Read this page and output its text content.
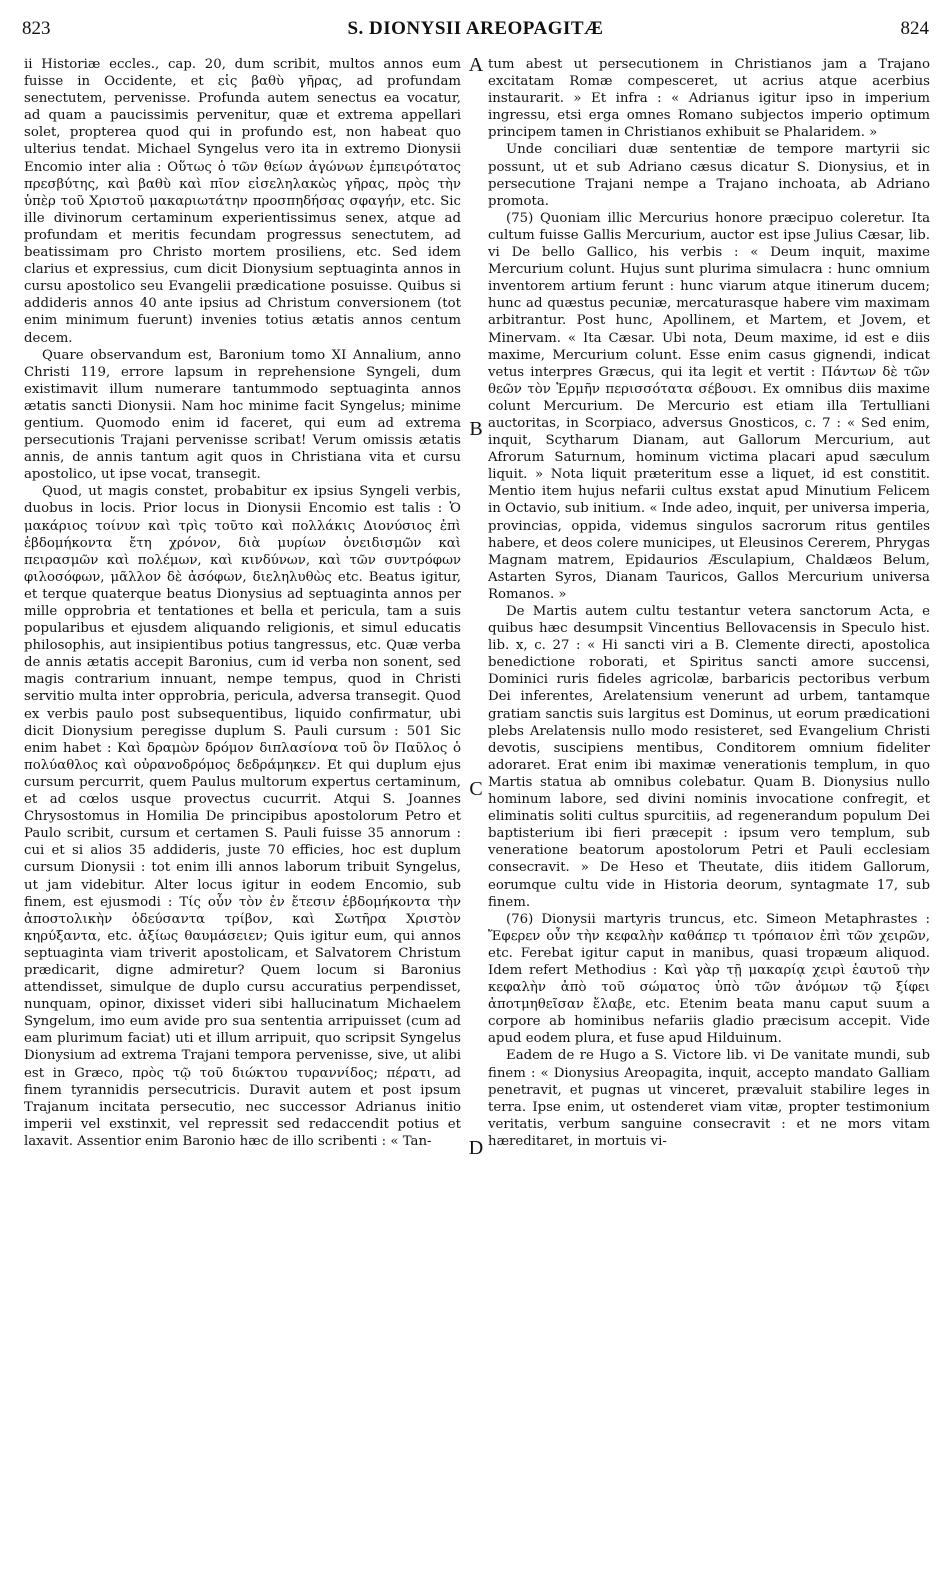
823	S. DIONYSII AREOPAGITÆ	824
A
B
C
D

ii Historiæ eccles., cap. 20, dum scribit, multos annos eum fuisse in Occidente, et εἰς βαθὺ γῆρας, ad profundam senectutem, pervenisse. Profunda autem senectus ea vocatur, ad quam a paucissimis pervenitur, quæ et extrema appellari solet, propterea quod qui in profundo est, non habeat quo ulterius tendat. Michael Syngelus vero ita in extremo Dionysii Encomio inter alia : Οὕτως ὁ τῶν θείων ἀγώνων ἐμπειρότατος πρεσβύτης, καὶ βαθὺ καὶ πῖον εἰσεληλακὼς γῆρας, πρὸς τὴν ὑπὲρ τοῦ Χριστοῦ μακαριωτάτην προσπηδήσας σφαγήν, etc. Sic ille divinorum certaminum experientissimus senex, atque ad profundam et meritis fecundam progressus senectutem, ad beatissimam pro Christo mortem prosiliens, etc. Sed idem clarius et expressius, cum dicit Dionysium septuaginta annos in cursu apostolico seu Evangelii prædicatione posuisse. Quibus si addideris annos 40 ante ipsius ad Christum conversionem (tot enim minimum fuerunt) invenies totius ætatis annos centum decem.

Quare observandum est, Baronium tomo XI Annalium, anno Christi 119, errore lapsum in reprehensione Syngeli, dum existimavit illum numerare tantummodo septuaginta annos ætatis sancti Dionysii. Nam hoc minime facit Syngelus; minime gentium. Quomodo enim id faceret, qui eum ad extrema persecutionis Trajani pervenisse scribat! Verum omissis ætatis annis, de annis tantum agit quos in Christiana vita et cursu apostolico, ut ipse vocat, transegit.

Quod, ut magis constet, probabitur ex ipsius Syngeli verbis, duobus in locis. Prior locus in Dionysii Encomio est talis : Ὁ μακάριος τοίνυν καὶ τρὶς τοῦτο καὶ πολλάκις Διονύσιος ἐπὶ ἑβδομήκοντα ἔτη χρόνον, διὰ μυρίων ὀνειδισμῶν καὶ πειρασμῶν καὶ πολέμων, καὶ κινδύνων, καὶ τῶν συντρόφων φιλοσόφων, μᾶλλον δὲ ἀσόφων, διεληλυθὼς etc. Beatus igitur, et terque quaterque beatus Dionysius ad septuaginta annos per mille opprobria et tentationes et bella et pericula, tam a suis popularibus et ejusdem aliquando religionis, et simul educatis philosophis, aut insipientibus potius tangressus, etc. Quæ verba de annis ætatis accepit Baronius, cum id verba non sonent, sed magis contrarium innuant, nempe tempus, quod in Christi servitio multa inter opprobria, pericula, adversa transegit. Quod ex verbis paulo post subsequentibus, liquido confirmatur, ubi dicit Dionysium peregisse duplum S. Pauli cursum : 501 Sic enim habet : Καὶ δραμὼν δρόμον διπλασίονα τοῦ ὃν Παῦλος ὁ πολύαθλος καὶ οὐρανοδρόμος δεδράμηκεν. Et qui duplum ejus cursum percurrit, quem Paulus multorum expertus certaminum, et ad cœlos usque provectus cucurrit. Atqui S. Joannes Chrysostomus in Homilia De principibus apostolorum Petro et Paulo scribit, cursum et certamen S. Pauli fuisse 35 annorum : cui et si alios 35 addideris, juste 70 efficies, hoc est duplum cursum Dionysii : tot enim illi annos laborum tribuit Syngelus, ut jam videbitur. Alter locus igitur in eodem Encomio, sub finem, est ejusmodi : Τίς οὖν τὸν ἐν ἔτεσιν ἑβδομήκοντα τὴν ἀποστολικὴν ὁδεύσαντα τρίβον, καὶ Σωτῆρα Χριστὸν κηρύξαντα, etc. ἀξίως θαυμάσειεν; Quis igitur eum, qui annos septuaginta viam triverit apostolicam, et Salvatorem Christum prædicarit, digne admiretur? Quem locum si Baronius attendisset, simulque de duplo cursu accuratius perpendisset, nunquam, opinor, dixisset videri sibi hallucinatum Michaelem Syngelum, imo eum avide pro sua sententia arripuisset (cum ad eam plurimum faciat) uti et illum arripuit, quo scripsit Syngelus Dionysium ad extrema Trajani tempora pervenisse, sive, ut alibi est in Græco, πρὸς τῷ τοῦ διώκτου τυραννίδος; πέρατι, ad finem tyrannidis persecutricis. Duravit autem et post ipsum Trajanum incitata persecutio, nec successor Adrianus initio imperii vel exstinxit, vel repressit sed redaccendit potius et laxavit. Assentior enim Baronio hæc de illo scribenti : « Tan-

tum abest ut persecutionem in Christianos jam a Trajano excitatam Romæ compesceret, ut acrius atque acerbius instaurarit. » Et infra : « Adrianus igitur ipso in imperium ingressu, etsi erga omnes Romano subjectos imperio optimum principem tamen in Christianos exhibuit se Phalaridem. »

Unde conciliari duæ sententiæ de tempore martyrii sic possunt, ut et sub Adriano cæsus dicatur S. Dionysius, et in persecutione Trajani nempe a Trajano inchoata, ab Adriano promota.

(75) Quoniam illic Mercurius honore præcipuo coleretur. Ita cultum fuisse Gallis Mercurium, auctor est ipse Julius Cæsar, lib. vi De bello Gallico, his verbis : « Deum inquit, maxime Mercurium colunt. Hujus sunt plurima simulacra : hunc omnium inventorem artium ferunt : hunc viarum atque itinerum ducem; hunc ad quæstus pecuniæ, mercaturasque habere vim maximam arbitrantur. Post hunc, Apollinem, et Martem, et Jovem, et Minervam. « Ita Cæsar. Ubi nota, Deum maxime, id est e diis maxime, Mercurium colunt. Esse enim casus gignendi, indicat vetus interpres Græcus, qui ita legit et vertit : Πάντων δὲ τῶν θεῶν τὸν Ἑρμῆν περισσότατα σέβουσι. Ex omnibus diis maxime colunt Mercurium. De Mercurio est etiam illa Tertulliani auctoritas, in Scorpiaco, adversus Gnosticos, c. 7 : « Sed enim, inquit, Scytharum Dianam, aut Gallorum Mercurium, aut Afrorum Saturnum, hominum victima placari apud sæculum liquit. » Nota liquit præteritum esse a liquet, id est constitit. Mentio item hujus nefarii cultus exstat apud Minutium Felicem in Octavio, sub initium. « Inde adeo, inquit, per universa imperia, provincias, oppida, videmus singulos sacrorum ritus gentiles habere, et deos colere municipes, ut Eleusinos Cererem, Phrygas Magnam matrem, Epidaurios Æsculapium, Chaldæos Belum, Astarten Syros, Dianam Tauricos, Gallos Mercurium universa Romanos. »

De Martis autem cultu testantur vetera sanctorum Acta, e quibus hæc desumpsit Vincentius Bellovacensis in Speculo hist. lib. x, c. 27 : « Hi sancti viri a B. Clemente directi, apostolica benedictione roborati, et Spiritus sancti amore succensi, Dominici ruris fideles agricolæ, barbaricis pectoribus verbum Dei inferentes, Arelatensium venerunt ad urbem, tantamque gratiam sanctis suis largitus est Dominus, ut eorum prædicationi plebs Arelatensis nullo modo resisteret, sed Evangelium Christi devotis, suscipiens mentibus, Conditorem omnium fideliter adoraret. Erat enim ibi maximæ venerationis templum, in quo Martis statua ab omnibus colebatur. Quam B. Dionysius nullo hominum labore, sed divini nominis invocatione confregit, et eliminatis soliti cultus spurcitiis, ad regenerandum populum Dei baptisterium ibi fieri præcepit : ipsum vero templum, sub veneratione beatorum apostolorum Petri et Pauli ecclesiam consecravit. » De Heso et Theutate, diis itidem Gallorum, eorumque cultu vide in Historia deorum, syntagmate 17, sub finem.

(76) Dionysii martyris truncus, etc. Simeon Metaphrastes : Ἔφερεν οὖν τὴν κεφαλὴν καθάπερ τι τρόπαιον ἐπὶ τῶν χειρῶν, etc. Ferebat igitur caput in manibus, quasi tropæum aliquod. Idem refert Methodius : Καὶ γὰρ τῇ μακαρίᾳ χειρὶ ἑαυτοῦ τὴν κεφαλὴν ἀπὸ τοῦ σώματος ὑπὸ τῶν ἀνόμων τῷ ξίφει ἀποτμηθεῖσαν ἔλαβε, etc. Etenim beata manu caput suum a corpore ab hominibus nefariis gladio præcisum accepit. Vide apud eodem plura, et fuse apud Hilduinum.

Eadem de re Hugo a S. Victore lib. vi De vanitate mundi, sub finem : « Dionysius Areopagita, inquit, accepto mandato Galliam penetravit, et pugnas ut vinceret, prævaluit stabilire leges in terra. Ipse enim, ut ostenderet viam vitæ, propter testimonium veritatis, verbum sanguine consecravit : et ne mors vitam hæreditaret, in mortuis vi-
